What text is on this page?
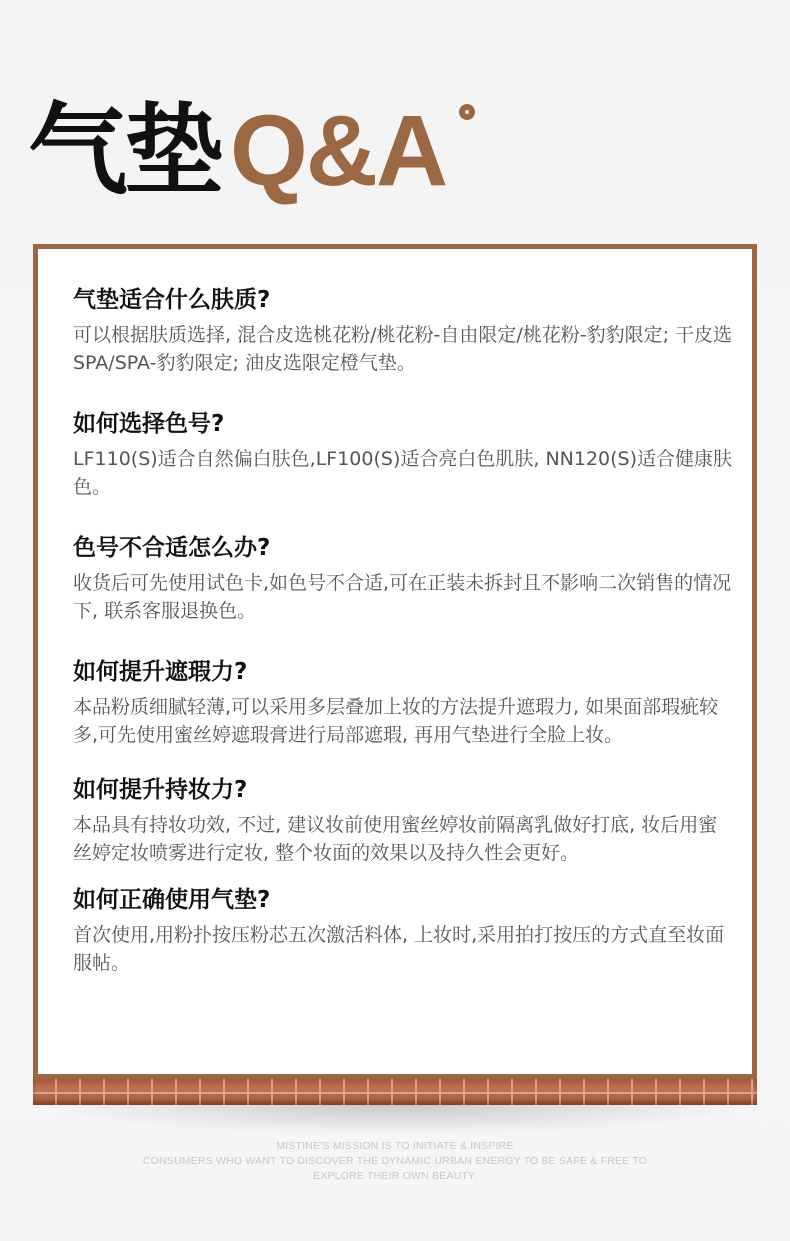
气垫 Q&A

气垫适合什么肤质?

可以根据肤质选择, 混合皮选桃花粉/桃花粉-自由限定/桃花粉-豹豹限定; 干皮选SPA/SPA-豹豹限定; 油皮选限定橙气垫。

如何选择色号?

LF110(S)适合自然偏白肤色,LF100(S)适合亮白色肌肤, NN120(S)适合健康肤色。

色号不合适怎么办?

收货后可先使用试色卡,如色号不合适,可在正装未拆封且不影响二次销售的情况下, 联系客服退换色。

如何提升遮瑕力?

本品粉质细腻轻薄,可以采用多层叠加上妆的方法提升遮瑕力, 如果面部瑕疵较多,可先使用蜜丝婷遮瑕膏进行局部遮瑕, 再用气垫进行全脸上妆。

如何提升持妆力?

本品具有持妆功效, 不过, 建议妆前使用蜜丝婷妆前隔离乳做好打底, 妆后用蜜丝婷定妆喷雾进行定妆, 整个妆面的效果以及持久性会更好。

如何正确使用气垫?

首次使用,用粉扑按压粉芯五次激活料体, 上妆时,采用拍打按压的方式直至妆面服帖。

MISTINE'S MISSION IS TO INITIATE & INSPIRE
CONSUMERS WHO WANT TO DISCOVER THE DYNAMIC URBAN ENERGY TO BE SAFE & FREE TO
EXPLORE THEIR OWN BEAUTY.
